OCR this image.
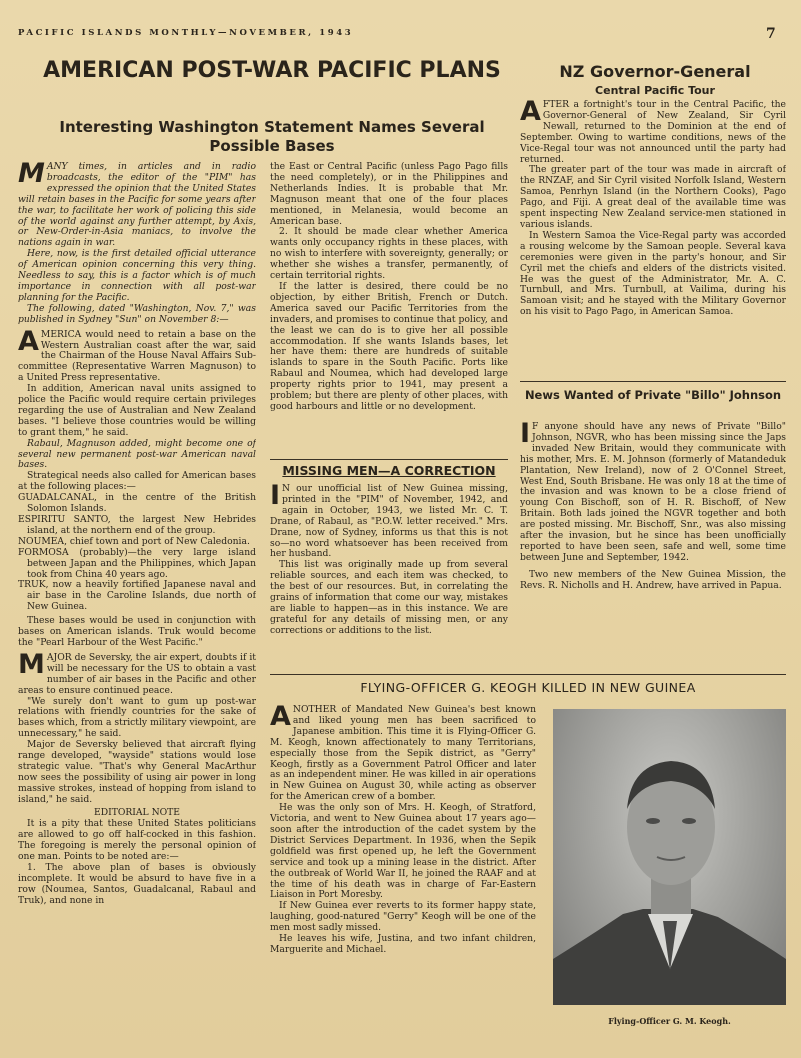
PACIFIC ISLANDS MONTHLY—NOVEMBER, 1943	7
AMERICAN POST-WAR PACIFIC PLANS
Interesting Washington Statement Names Several Possible Bases

MANY times, in articles and in radio broadcasts, the editor of the "PIM" has expressed the opinion that the United States will retain bases in the Pacific for some years after the war, to facilitate her work of policing this side of the world against any further attempt, by Axis, or New-Order-in-Asia maniacs, to involve the nations again in war.

Here, now, is the first detailed official utterance of American opinion concerning this very thing. Needless to say, this is a factor which is of much importance in connection with all post-war planning for the Pacific.

The following, dated "Washington, Nov. 7," was published in Sydney "Sun" on November 8:—

AMERICA would need to retain a base on the Western Australian coast after the war, said the Chairman of the House Naval Affairs Sub-committee (Representative Warren Magnuson) to a United Press representative.

In addition, American naval units assigned to police the Pacific would require certain privileges regarding the use of Australian and New Zealand bases. "I believe those countries would be willing to grant them," he said.

Rabaul, Magnuson added, might become one of several new permanent post-war American naval bases.

Strategical needs also called for American bases at the following places:—

GUADALCANAL, in the centre of the British Solomon Islands.

ESPIRITU SANTO, the largest New Hebrides island, at the northern end of the group.

NOUMEA, chief town and port of New Caledonia.

FORMOSA (probably)—the very large island between Japan and the Philippines, which Japan took from China 40 years ago.

TRUK, now a heavily fortified Japanese naval and air base in the Caroline Islands, due north of New Guinea.

These bases would be used in conjunction with bases on American islands. Truk would become the "Pearl Harbour of the West Pacific."

MAJOR de Seversky, the air expert, doubts if it will be necessary for the US to obtain a vast number of air bases in the Pacific and other areas to ensure continued peace.

"We surely don't want to gum up post-war relations with friendly countries for the sake of bases which, from a strictly military viewpoint, are unnecessary," he said.

Major de Seversky believed that aircraft flying range developed, "wayside" stations would lose strategic value. "That's why General MacArthur now sees the possibility of using air power in long massive strokes, instead of hopping from island to island," he said.

EDITORIAL NOTE

It is a pity that these United States politicians are allowed to go off half-cocked in this fashion. The foregoing is merely the personal opinion of one man. Points to be noted are:—

1. The above plan of bases is obviously incomplete. It would be absurd to have five in a row (Noumea, Santos, Guadalcanal, Rabaul and Truk), and none in

the East or Central Pacific (unless Pago Pago fills the need completely), or in the Philippines and Netherlands Indies. It is probable that Mr. Magnuson meant that one of the four places mentioned, in Melanesia, would become an American base.

2. It should be made clear whether America wants only occupancy rights in these places, with no wish to interfere with sovereignty, generally; or whether she wishes a transfer, permanently, of certain territorial rights.

If the latter is desired, there could be no objection, by either British, French or Dutch. America saved our Pacific Territories from the invaders, and promises to continue that policy, and the least we can do is to give her all possible accommodation. If she wants Islands bases, let her have them: there are hundreds of suitable islands to spare in the South Pacific. Ports like Rabaul and Noumea, which had developed large property rights prior to 1941, may present a problem; but there are plenty of other places, with good harbours and little or no development.

MISSING MEN—A CORRECTION

I N our unofficial list of New Guinea missing, printed in the "PIM" of November, 1942, and again in October, 1943, we listed Mr. C. T. Drane, of Rabaul, as "P.O.W. letter received." Mrs. Drane, now of Sydney, informs us that this is not so—no word whatsoever has been received from her husband.

This list was originally made up from several reliable sources, and each item was checked, to the best of our resources. But, in correlating the grains of information that come our way, mistakes are liable to happen—as in this instance. We are grateful for any details of missing men, or any corrections or additions to the list.

NZ Governor-General
Central Pacific Tour

AFTER a fortnight's tour in the Central Pacific, the Governor-General of New Zealand, Sir Cyril Newall, returned to the Dominion at the end of September. Owing to wartime conditions, news of the Vice-Regal tour was not announced until the party had returned.

The greater part of the tour was made in aircraft of the RNZAF, and Sir Cyril visited Norfolk Island, Western Samoa, Penrhyn Island (in the Northern Cooks), Pago Pago, and Fiji. A great deal of the available time was spent inspecting New Zealand service-men stationed in various islands.

In Western Samoa the Vice-Regal party was accorded a rousing welcome by the Samoan people. Several kava ceremonies were given in the party's honour, and Sir Cyril met the chiefs and elders of the districts visited. He was the guest of the Administrator, Mr. A. C. Turnbull, and Mrs. Turnbull, at Vailima, during his Samoan visit; and he stayed with the Military Governor on his visit to Pago Pago, in American Samoa.

News Wanted of Private "Billo" Johnson

I F anyone should have any news of Private "Billo" Johnson, NGVR, who has been missing since the Japs invaded New Britain, would they communicate with his mother, Mrs. E. M. Johnson (formerly of Matandeduk Plantation, New Ireland), now of 2 O'Connel Street, West End, South Brisbane. He was only 18 at the time of the invasion and was known to be a close friend of young Con Bischoff, son of H. R. Bischoff, of New Britain. Both lads joined the NGVR together and both are posted missing. Mr. Bischoff, Snr., was also missing after the invasion, but he since has been unofficially reported to have been seen, safe and well, some time between June and September, 1942.

Two new members of the New Guinea Mission, the Revs. R. Nicholls and H. Andrew, have arrived in Papua.

FLYING-OFFICER G. KEOGH KILLED IN NEW GUINEA

ANOTHER of Mandated New Guinea's best known and liked young men has been sacrificed to Japanese ambition. This time it is Flying-Officer G. M. Keogh, known affectionately to many Territorians, especially those from the Sepik district, as "Gerry" Keogh, firstly as a Government Patrol Officer and later as an independent miner. He was killed in air operations in New Guinea on August 30, while acting as observer for the American crew of a bomber.

He was the only son of Mrs. H. Keogh, of Stratford, Victoria, and went to New Guinea about 17 years ago—soon after the introduction of the cadet system by the District Services Department. In 1936, when the Sepik goldfield was first opened up, he left the Government service and took up a mining lease in the district. After the outbreak of World War II, he joined the RAAF and at the time of his death was in charge of Far-Eastern Liaison in Port Moresby.

If New Guinea ever reverts to its former happy state, laughing, good-natured "Gerry" Keogh will be one of the men most sadly missed.

He leaves his wife, Justina, and two infant children, Marguerite and Michael.

Flying-Officer G. M. Keogh.
